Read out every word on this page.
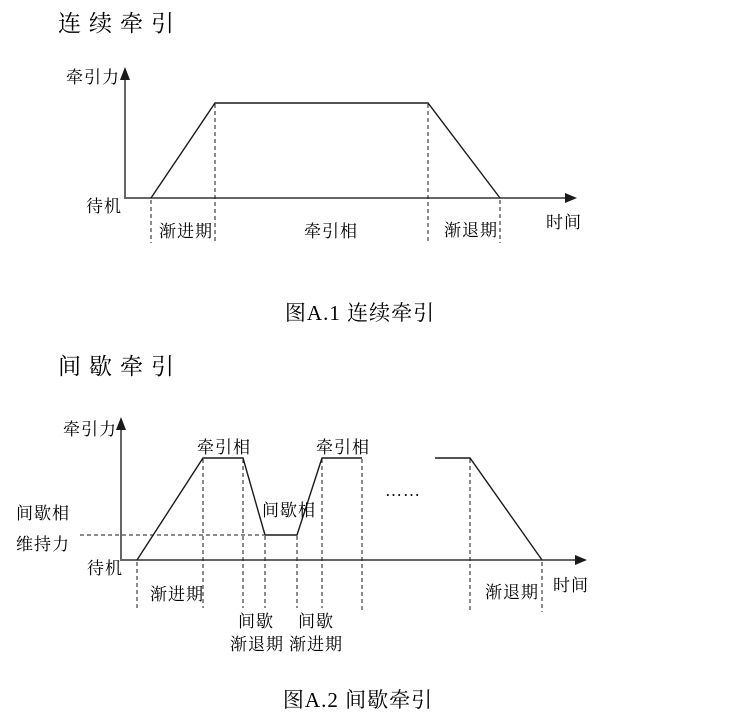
连续牵引
牵引力
待机
渐进期	牵引相	渐退期	时间
图A.1 连续牵引
间歇牵引
牵引力
牵引相	牵引相
间歇相
间歇相
维持力
待机
渐进期
间歇
渐退期
间歇
渐进期
……
渐退期 时间
图A.2 间歇牵引
